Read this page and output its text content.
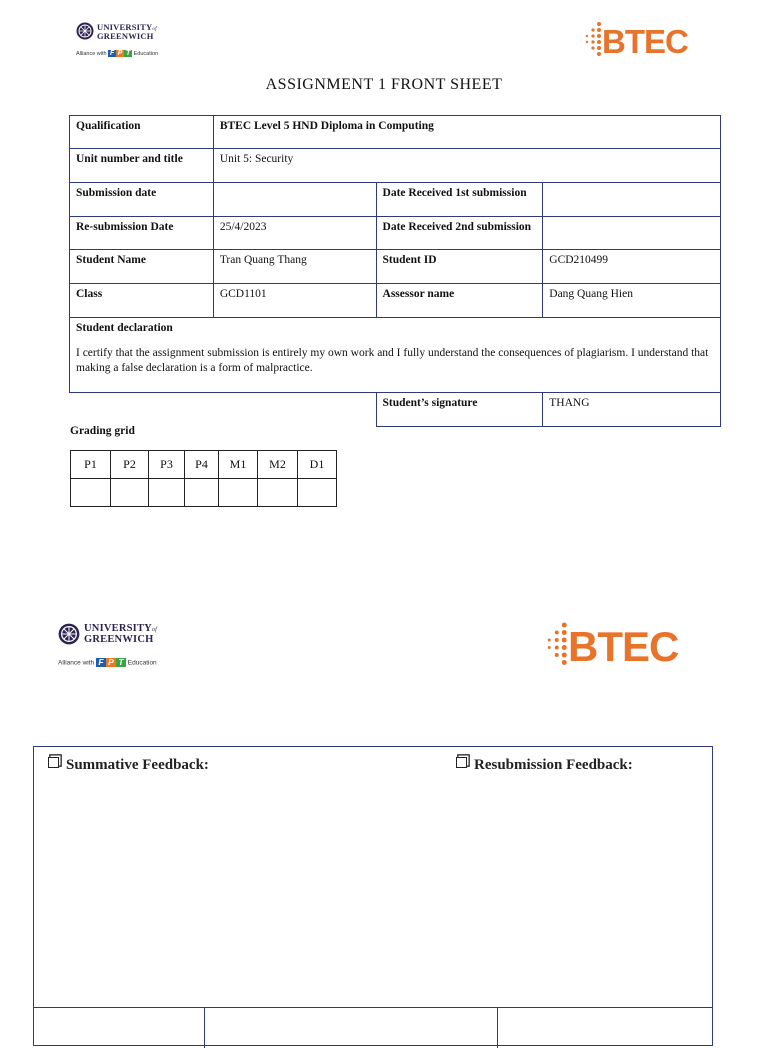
UNIVERSITYof
GREENWICH
Alliance with F P T Education	BTEC
ASSIGNMENT 1 FRONT SHEET
Qualification	BTEC Level 5 HND Diploma in Computing		
Unit number and title	Unit 5: Security		
Submission date		Date Received 1st submission	
Re-submission Date	25/4/2023	Date Received 2nd submission	
Student Name	Tran Quang Thang	Student ID	GCD210499
Class	GCD1101	Assessor name	Dang Quang Hien

Student declaration
I certify that the assignment submission is entirely my own work and I fully understand the consequences of plagiarism. I understand that making a false declaration is a form of malpractice.			

		Student’s signature	THANG
Grading grid
P1	P2	P3	P4	M1	M2	D1

UNIVERSITYof
GREENWICH
Alliance with F P T Education	BTEC
Summative Feedback:	Resubmission Feedback:
